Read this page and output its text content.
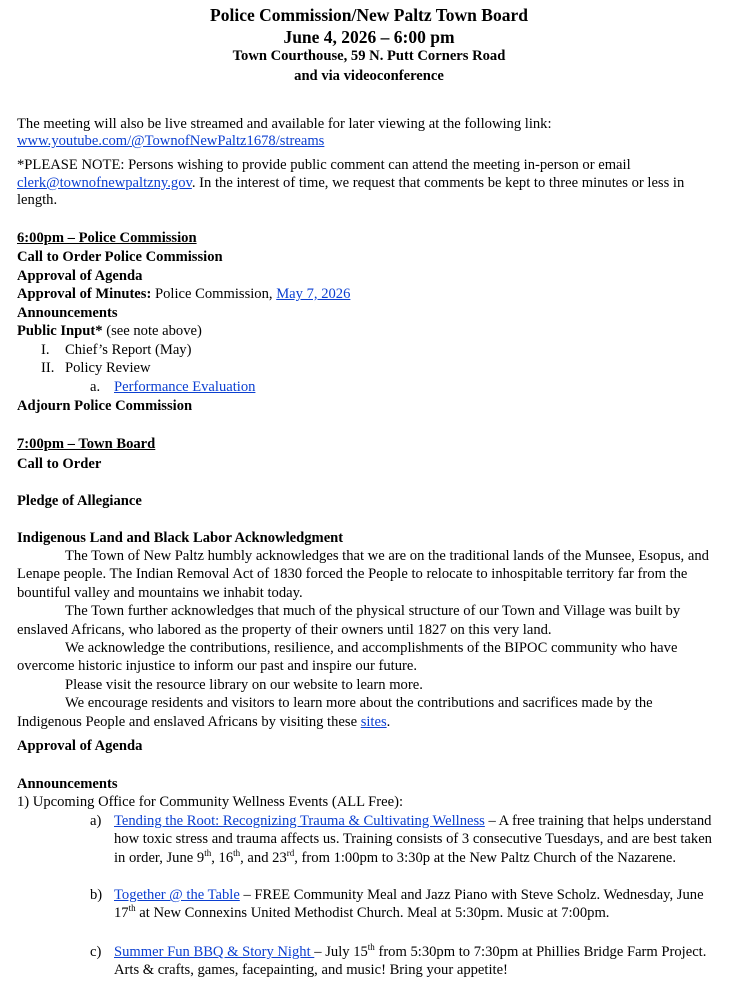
Police Commission/New Paltz Town Board
June 4, 2026 – 6:00 pm
Town Courthouse, 59 N. Putt Corners Road
and via videoconference
The meeting will also be live streamed and available for later viewing at the following link:
www.youtube.com/@TownofNewPaltz1678/streams
*PLEASE NOTE: Persons wishing to provide public comment can attend the meeting in-person or email
clerk@townofnewpaltzny.gov. In the interest of time, we request that comments be kept to three minutes or less in
length.
6:00pm – Police Commission
Call to Order Police Commission
Approval of Agenda
Approval of Minutes: Police Commission, May 7, 2026
Announcements
Public Input* (see note above)
I. Chief’s Report (May)
II. Policy Review
a. Performance Evaluation
Adjourn Police Commission
7:00pm – Town Board
Call to Order
Pledge of Allegiance
Indigenous Land and Black Labor Acknowledgment

The Town of New Paltz humbly acknowledges that we are on the traditional lands of the Munsee, Esopus, and Lenape people. The Indian Removal Act of 1830 forced the People to relocate to inhospitable territory far from the bountiful valley and mountains we inhabit today.

The Town further acknowledges that much of the physical structure of our Town and Village was built by enslaved Africans, who labored as the property of their owners until 1827 on this very land.

We acknowledge the contributions, resilience, and accomplishments of the BIPOC community who have overcome historic injustice to inform our past and inspire our future.

Please visit the resource library on our website to learn more.

We encourage residents and visitors to learn more about the contributions and sacrifices made by the Indigenous People and enslaved Africans by visiting these sites.

Approval of Agenda
Announcements
1) Upcoming Office for Community Wellness Events (ALL Free):
a) Tending the Root: Recognizing Trauma & Cultivating Wellness – A free training that helps understand how toxic stress and trauma affects us. Training consists of 3 consecutive Tuesdays, and are best taken in order, June 9th, 16th, and 23rd, from 1:00pm to 3:30p at the New Paltz Church of the Nazarene.
b) Together @ the Table – FREE Community Meal and Jazz Piano with Steve Scholz. Wednesday, June 17th at New Connexins United Methodist Church. Meal at 5:30pm. Music at 7:00pm.
c) Summer Fun BBQ & Story Night – July 15th from 5:30pm to 7:30pm at Phillies Bridge Farm Project. Arts & crafts, games, facepainting, and music! Bring your appetite!
